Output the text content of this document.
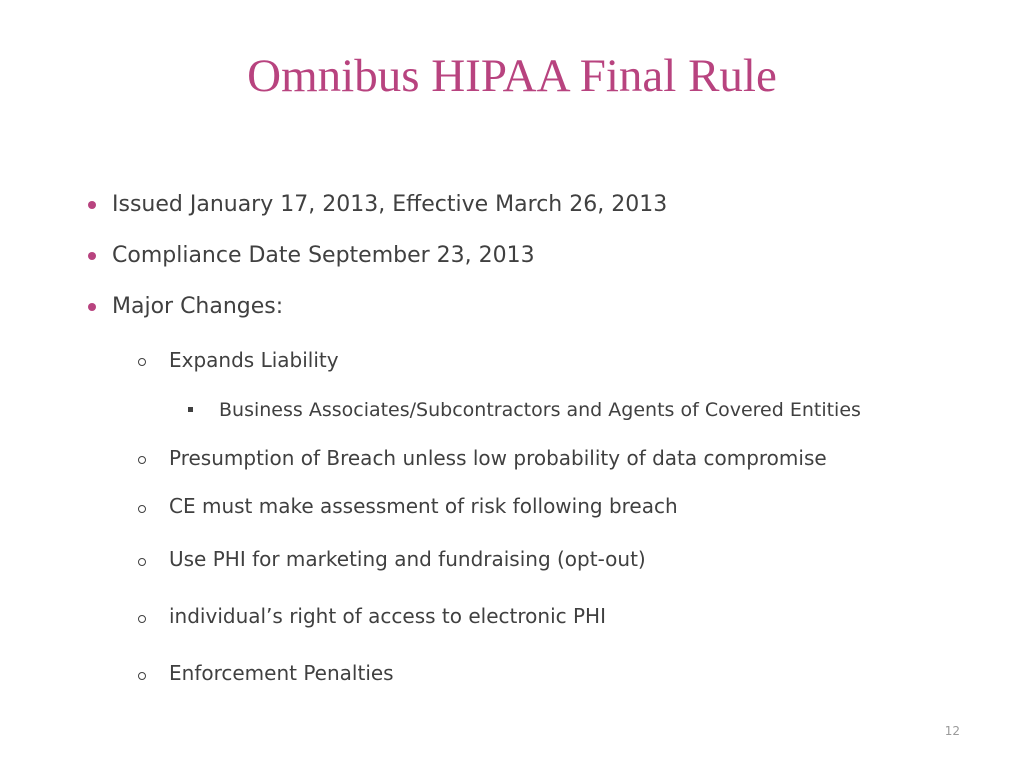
Omnibus HIPAA Final Rule
Issued January 17, 2013, Effective March 26, 2013
Compliance Date September 23, 2013
Major Changes:
Expands Liability
Business Associates/Subcontractors and Agents of Covered Entities
Presumption of Breach unless low probability of data compromise
CE must make assessment of risk following breach
Use PHI for marketing and fundraising (opt-out)
individual’s right of access to electronic PHI
Enforcement Penalties
12
